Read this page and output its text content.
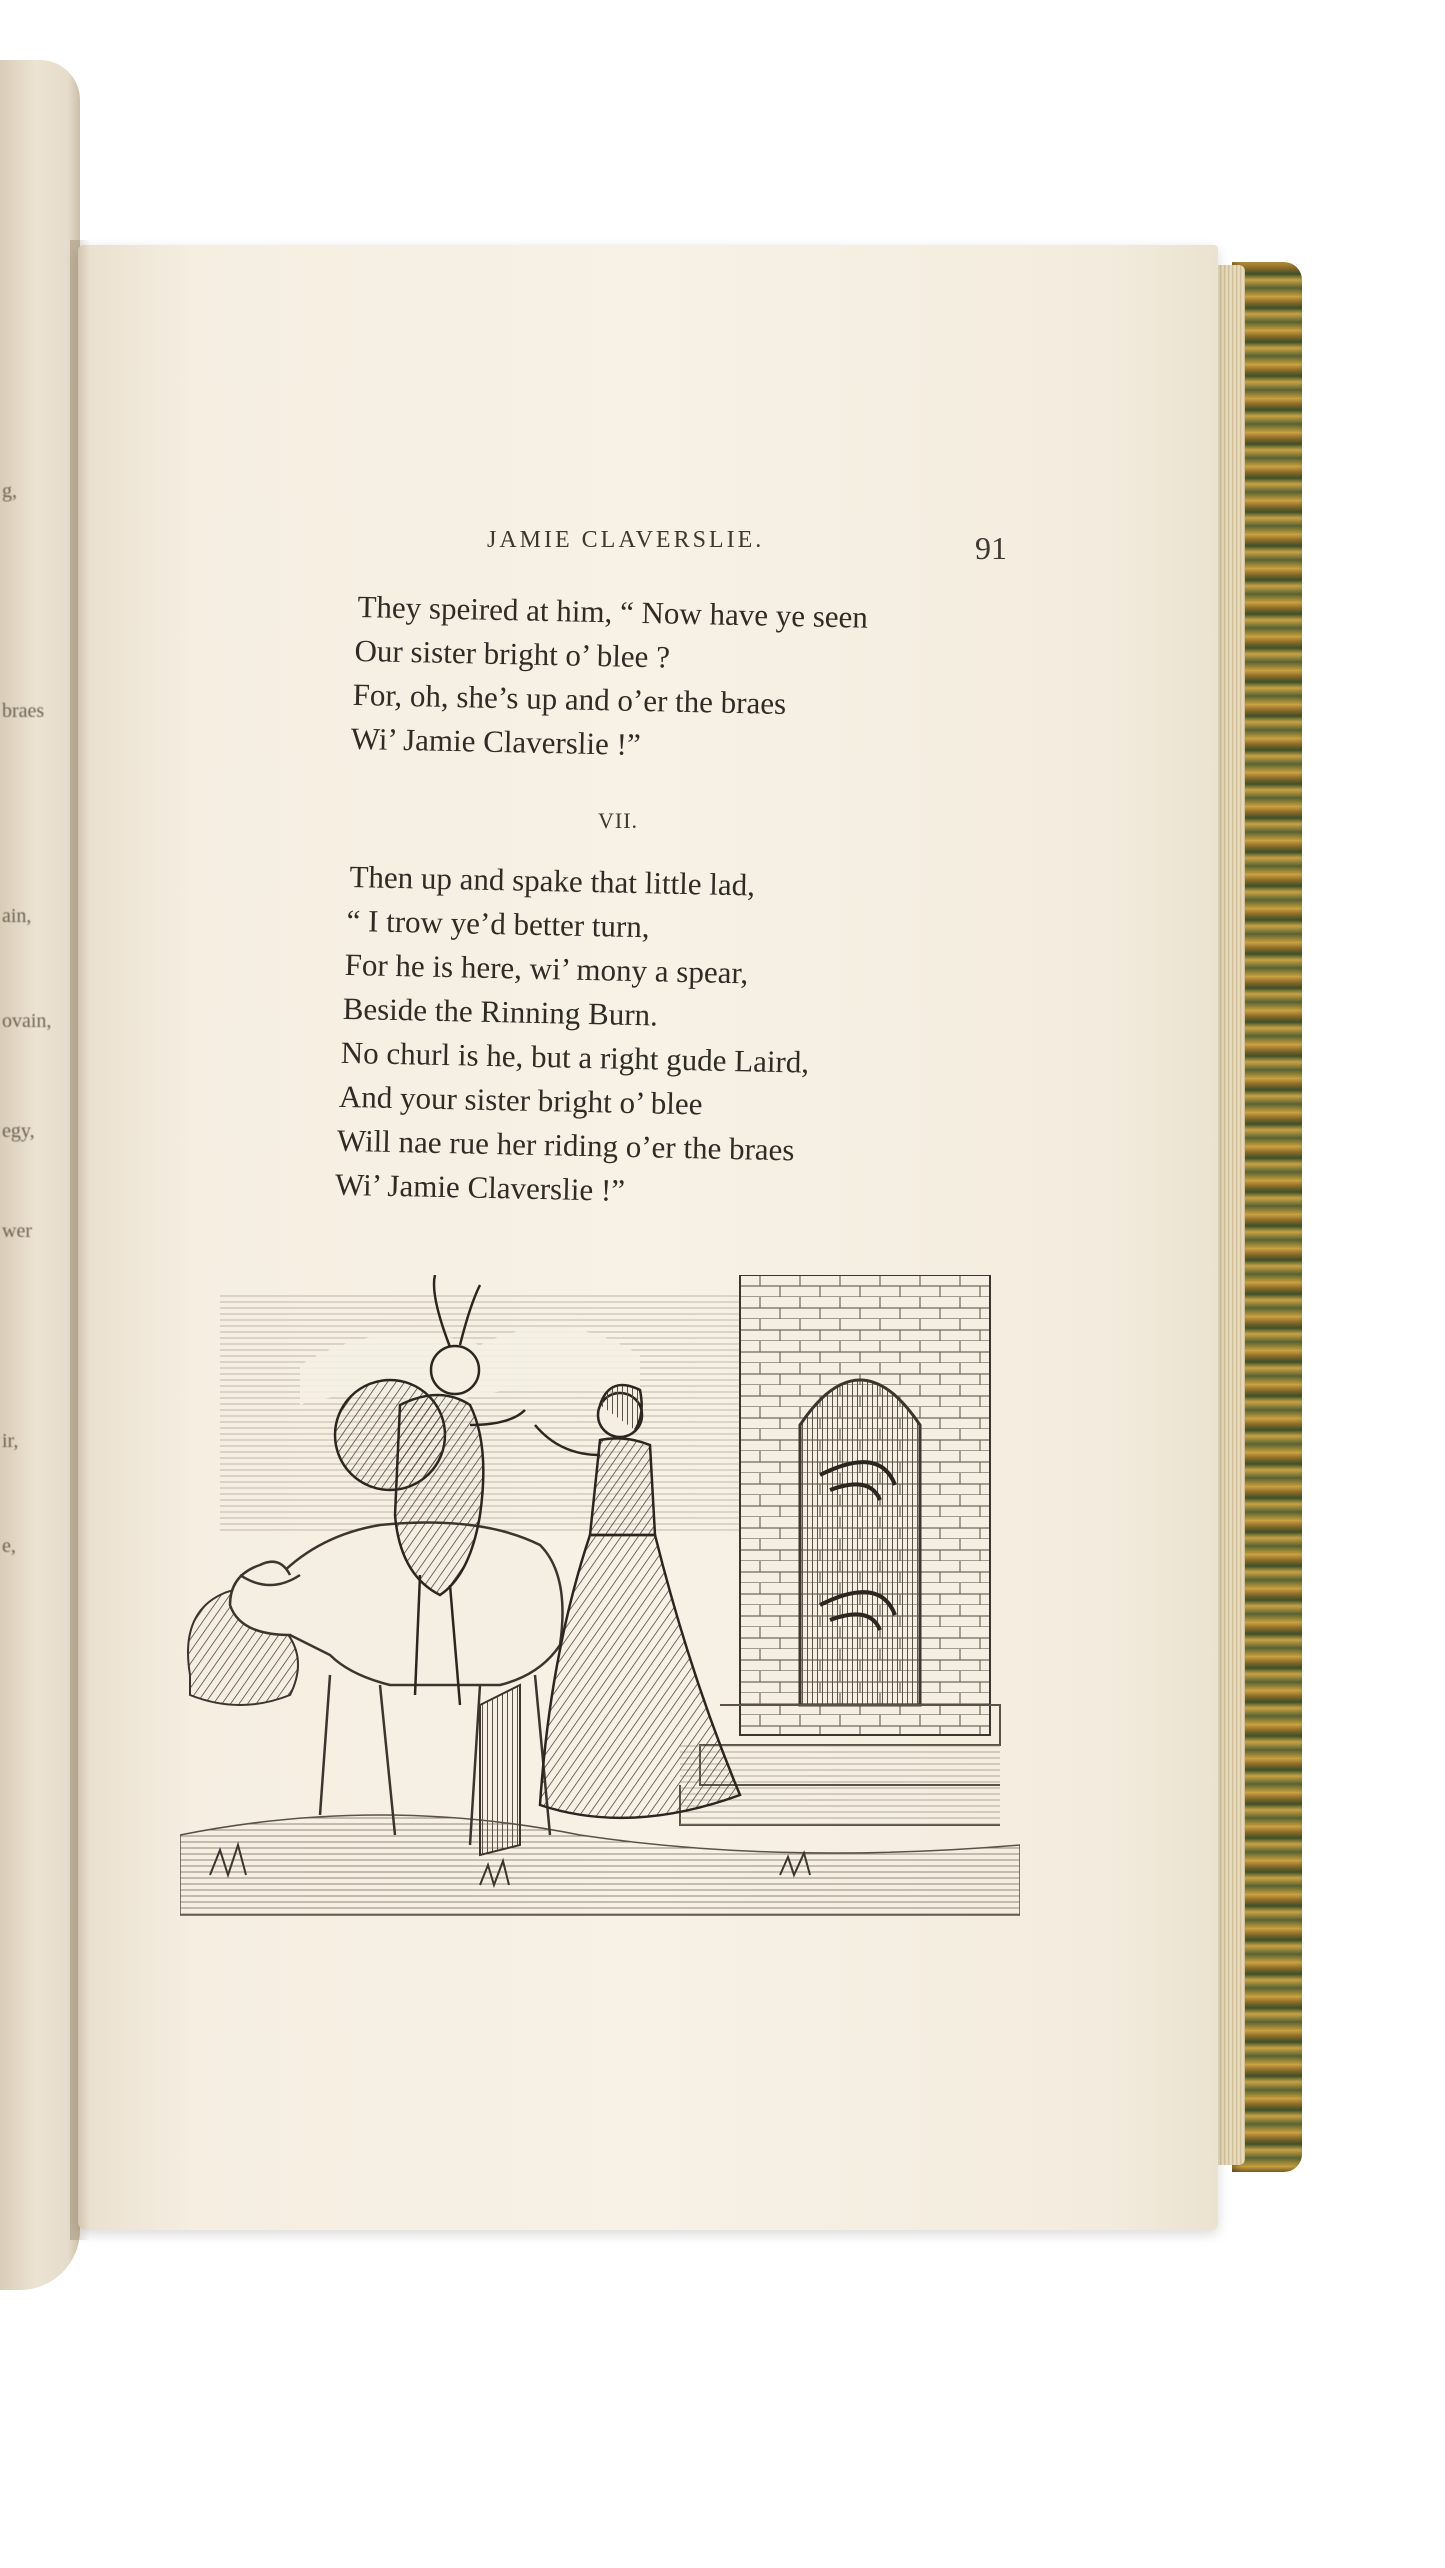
g,
braes
ain,
ovain,
egy,
wer
ir,
e,
JAMIE CLAVERSLIE.	91
They speired at him, “ Now have ye seen
Our sister bright o’ blee ?
For, oh, she’s up and o’er the braes
Wi’ Jamie Claverslie !”
VII.
Then up and spake that little lad,
“ I trow ye’d better turn,
For he is here, wi’ mony a spear,
Beside the Rinning Burn.
No churl is he, but a right gude Laird,
And your sister bright o’ blee
Will nae rue her riding o’er the braes
Wi’ Jamie Claverslie !”
